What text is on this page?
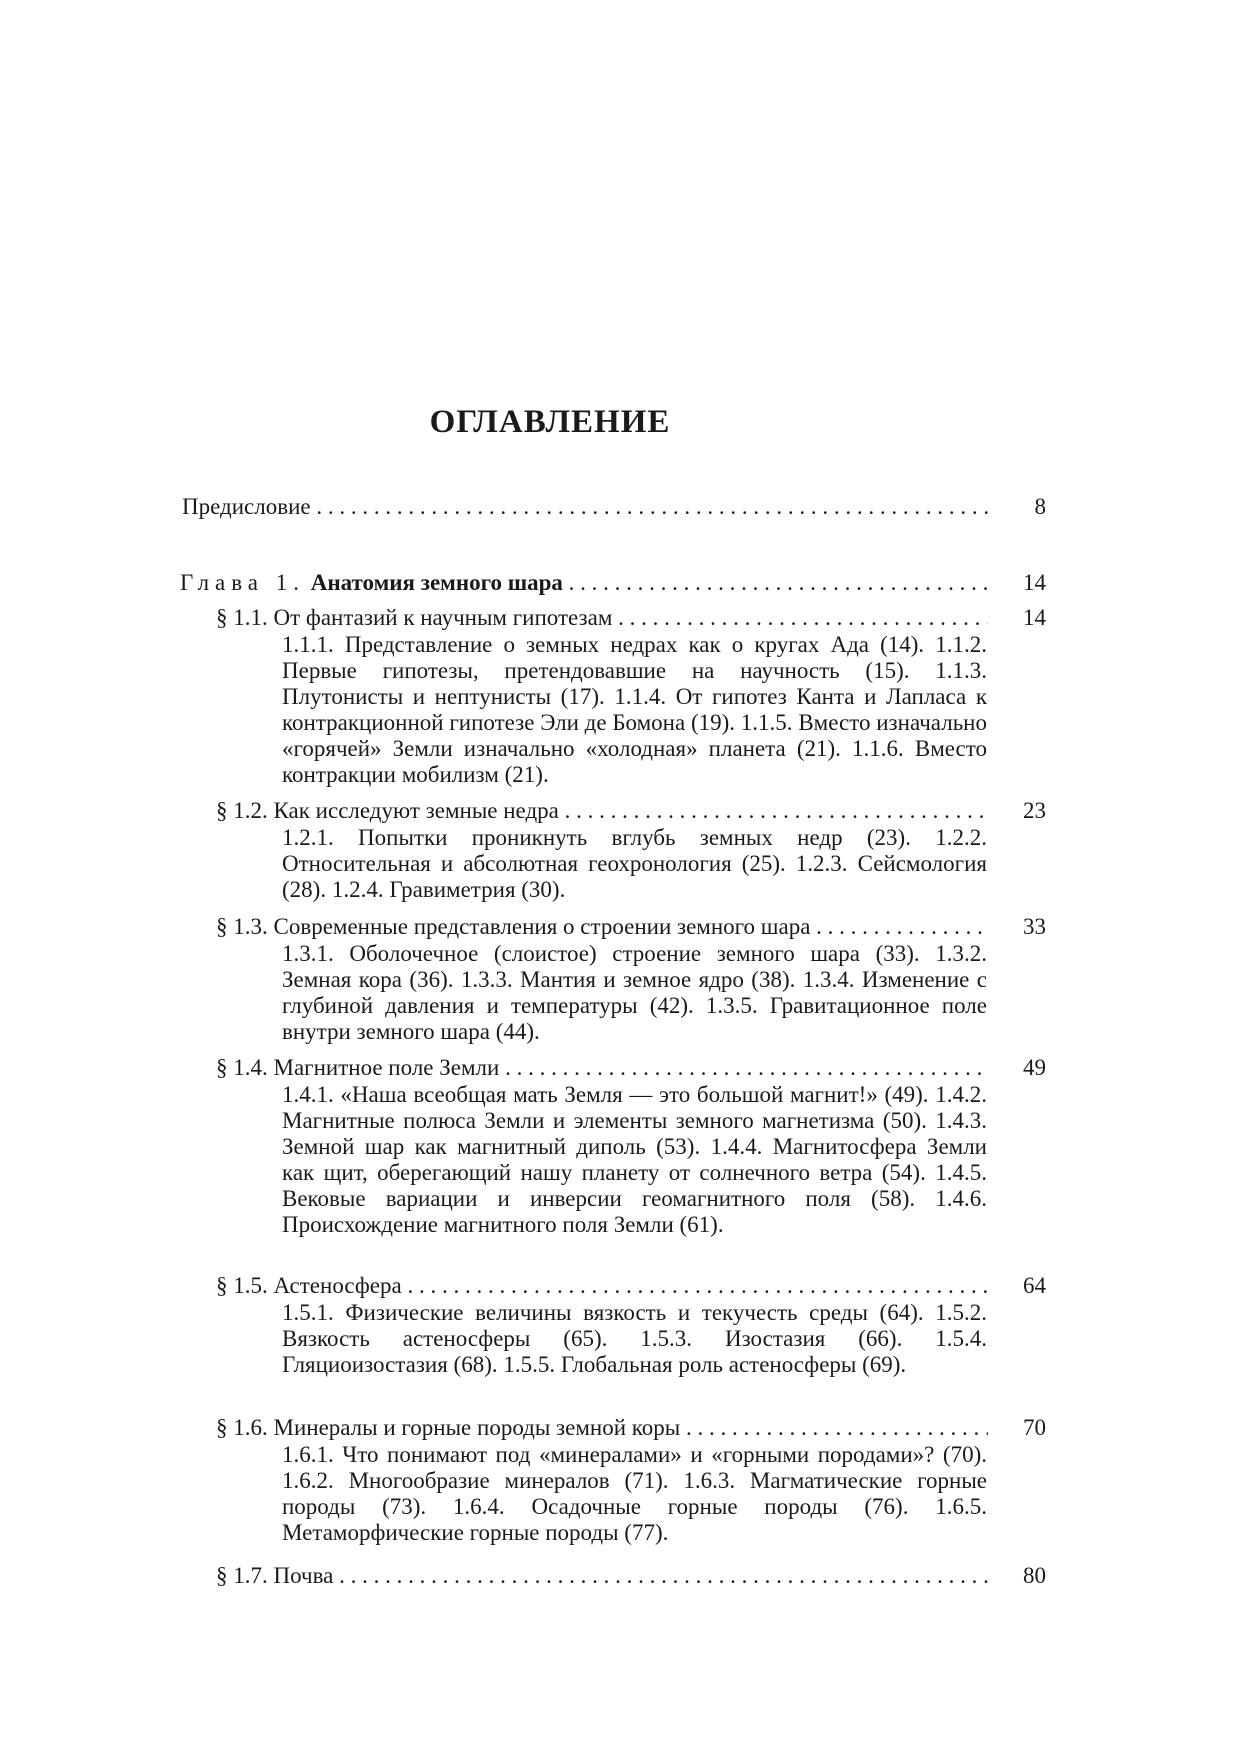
ОГЛАВЛЕНИЕ
Предисловие . . .	8
Глава 1. Анатомия земного шара . . .	14
§ 1.1. От фантазий к научным гипотезам . . .	14
1.1.1. Представление о земных недрах как о кругах Ада (14). 1.1.2. Первые гипотезы, претендовавшие на научность (15). 1.1.3. Плутонисты и нептунисты (17). 1.1.4. От гипотез Канта и Лапласа к контракционной гипотезе Эли де Бомона (19). 1.1.5. Вместо изначально «горячей» Земли изначально «холодная» планета (21). 1.1.6. Вместо контракции мобилизм (21).
§ 1.2. Как исследуют земные недра . . .	23
1.2.1. Попытки проникнуть вглубь земных недр (23). 1.2.2. Относительная и абсолютная геохронология (25). 1.2.3. Сейсмология (28). 1.2.4. Гравиметрия (30).
§ 1.3. Современные представления о строении земного шара . . .	33
1.3.1. Оболочечное (слоистое) строение земного шара (33). 1.3.2. Земная кора (36). 1.3.3. Мантия и земное ядро (38). 1.3.4. Изменение с глубиной давления и температуры (42). 1.3.5. Гравитационное поле внутри земного шара (44).
§ 1.4. Магнитное поле Земли . . .	49
1.4.1. «Наша всеобщая мать Земля — это большой магнит!» (49). 1.4.2. Магнитные полюса Земли и элементы земного магнетизма (50). 1.4.3. Земной шар как магнитный диполь (53). 1.4.4. Магнитосфера Земли как щит, оберегающий нашу планету от солнечного ветра (54). 1.4.5. Вековые вариации и инверсии геомагнитного поля (58). 1.4.6. Происхождение магнитного поля Земли (61).
§ 1.5. Астеносфера . . .	64
1.5.1. Физические величины вязкость и текучесть среды (64). 1.5.2. Вязкость астеносферы (65). 1.5.3. Изостазия (66). 1.5.4. Гляциоизостазия (68). 1.5.5. Глобальная роль астеносферы (69).
§ 1.6. Минералы и горные породы земной коры . . .	70
1.6.1. Что понимают под «минералами» и «горными породами»? (70). 1.6.2. Многообразие минералов (71). 1.6.3. Магматические горные породы (73). 1.6.4. Осадочные горные породы (76). 1.6.5. Метаморфические горные породы (77).
§ 1.7. Почва . . .	80
